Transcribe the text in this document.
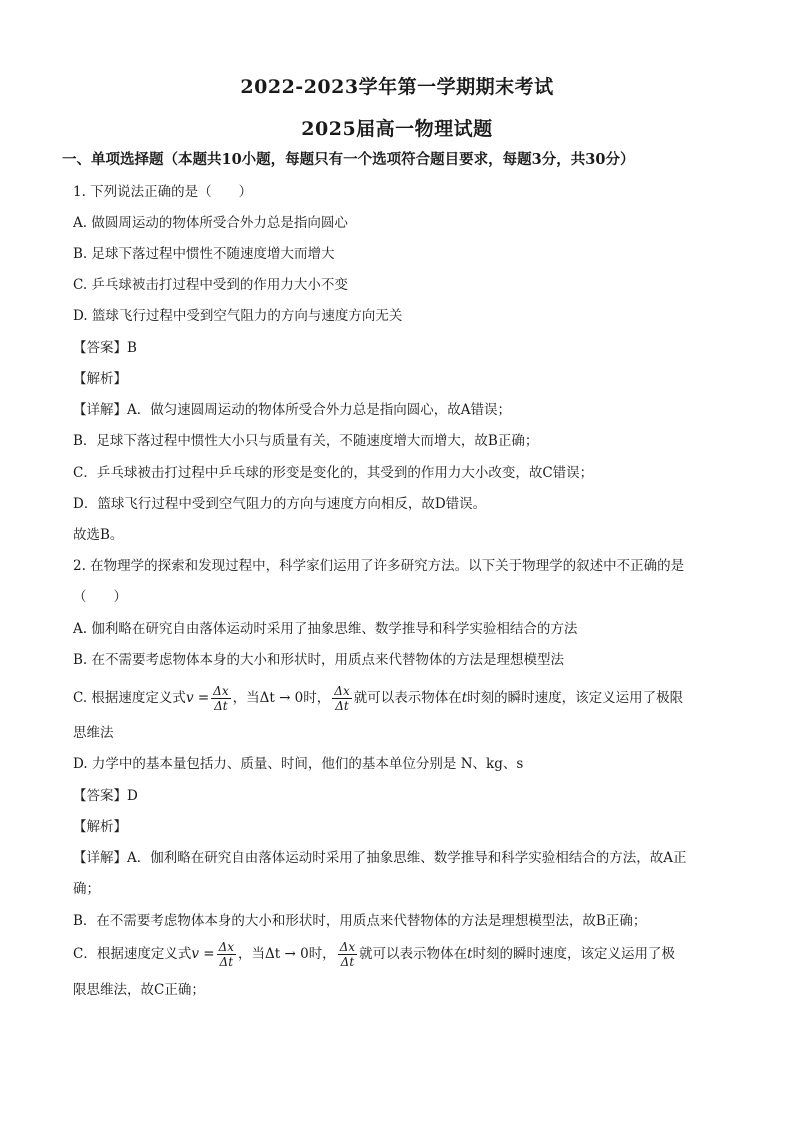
2022-2023学年第一学期期末考试
2025届高一物理试题
一、单项选择题（本题共10小题，每题只有一个选项符合题目要求，每题3分，共30分）
1. 下列说法正确的是（　　）
A. 做圆周运动的物体所受合外力总是指向圆心
B. 足球下落过程中惯性不随速度增大而增大
C. 乒乓球被击打过程中受到的作用力大小不变
D. 篮球飞行过程中受到空气阻力的方向与速度方向无关
【答案】B
【解析】
【详解】A．做匀速圆周运动的物体所受合外力总是指向圆心，故A错误；
B．足球下落过程中惯性大小只与质量有关，不随速度增大而增大，故B正确；
C．乒乓球被击打过程中乒乓球的形变是变化的，其受到的作用力大小改变，故C错误；
D．篮球飞行过程中受到空气阻力的方向与速度方向相反，故D错误。
故选B。
2. 在物理学的探索和发现过程中，科学家们运用了许多研究方法。以下关于物理学的叙述中不正确的是
（　　）
A. 伽利略在研究自由落体运动时采用了抽象思维、数学推导和科学实验相结合的方法
B. 在不需要考虑物体本身的大小和形状时，用质点来代替物体的方法是理想模型法
C. 根据速度定义式$v = \frac{\Delta x}{\Delta t}$ ，当Δt → 0时， $\frac{\Delta x}{\Delta t}$ 就可以表示物体在t时刻的瞬时速度，该定义运用了极限
思维法
D. 力学中的基本量包括力、质量、时间，他们的基本单位分别是 N、kg、s
【答案】D
【解析】
【详解】A．伽利略在研究自由落体运动时采用了抽象思维、数学推导和科学实验相结合的方法，故A正
确；
B．在不需要考虑物体本身的大小和形状时，用质点来代替物体的方法是理想模型法，故B正确；
C．根据速度定义式$v = \frac{\Delta x}{\Delta t}$ ，当Δt → 0时， $\frac{\Delta x}{\Delta t}$ 就可以表示物体在t时刻的瞬时速度，该定义运用了极
限思维法，故C正确；
